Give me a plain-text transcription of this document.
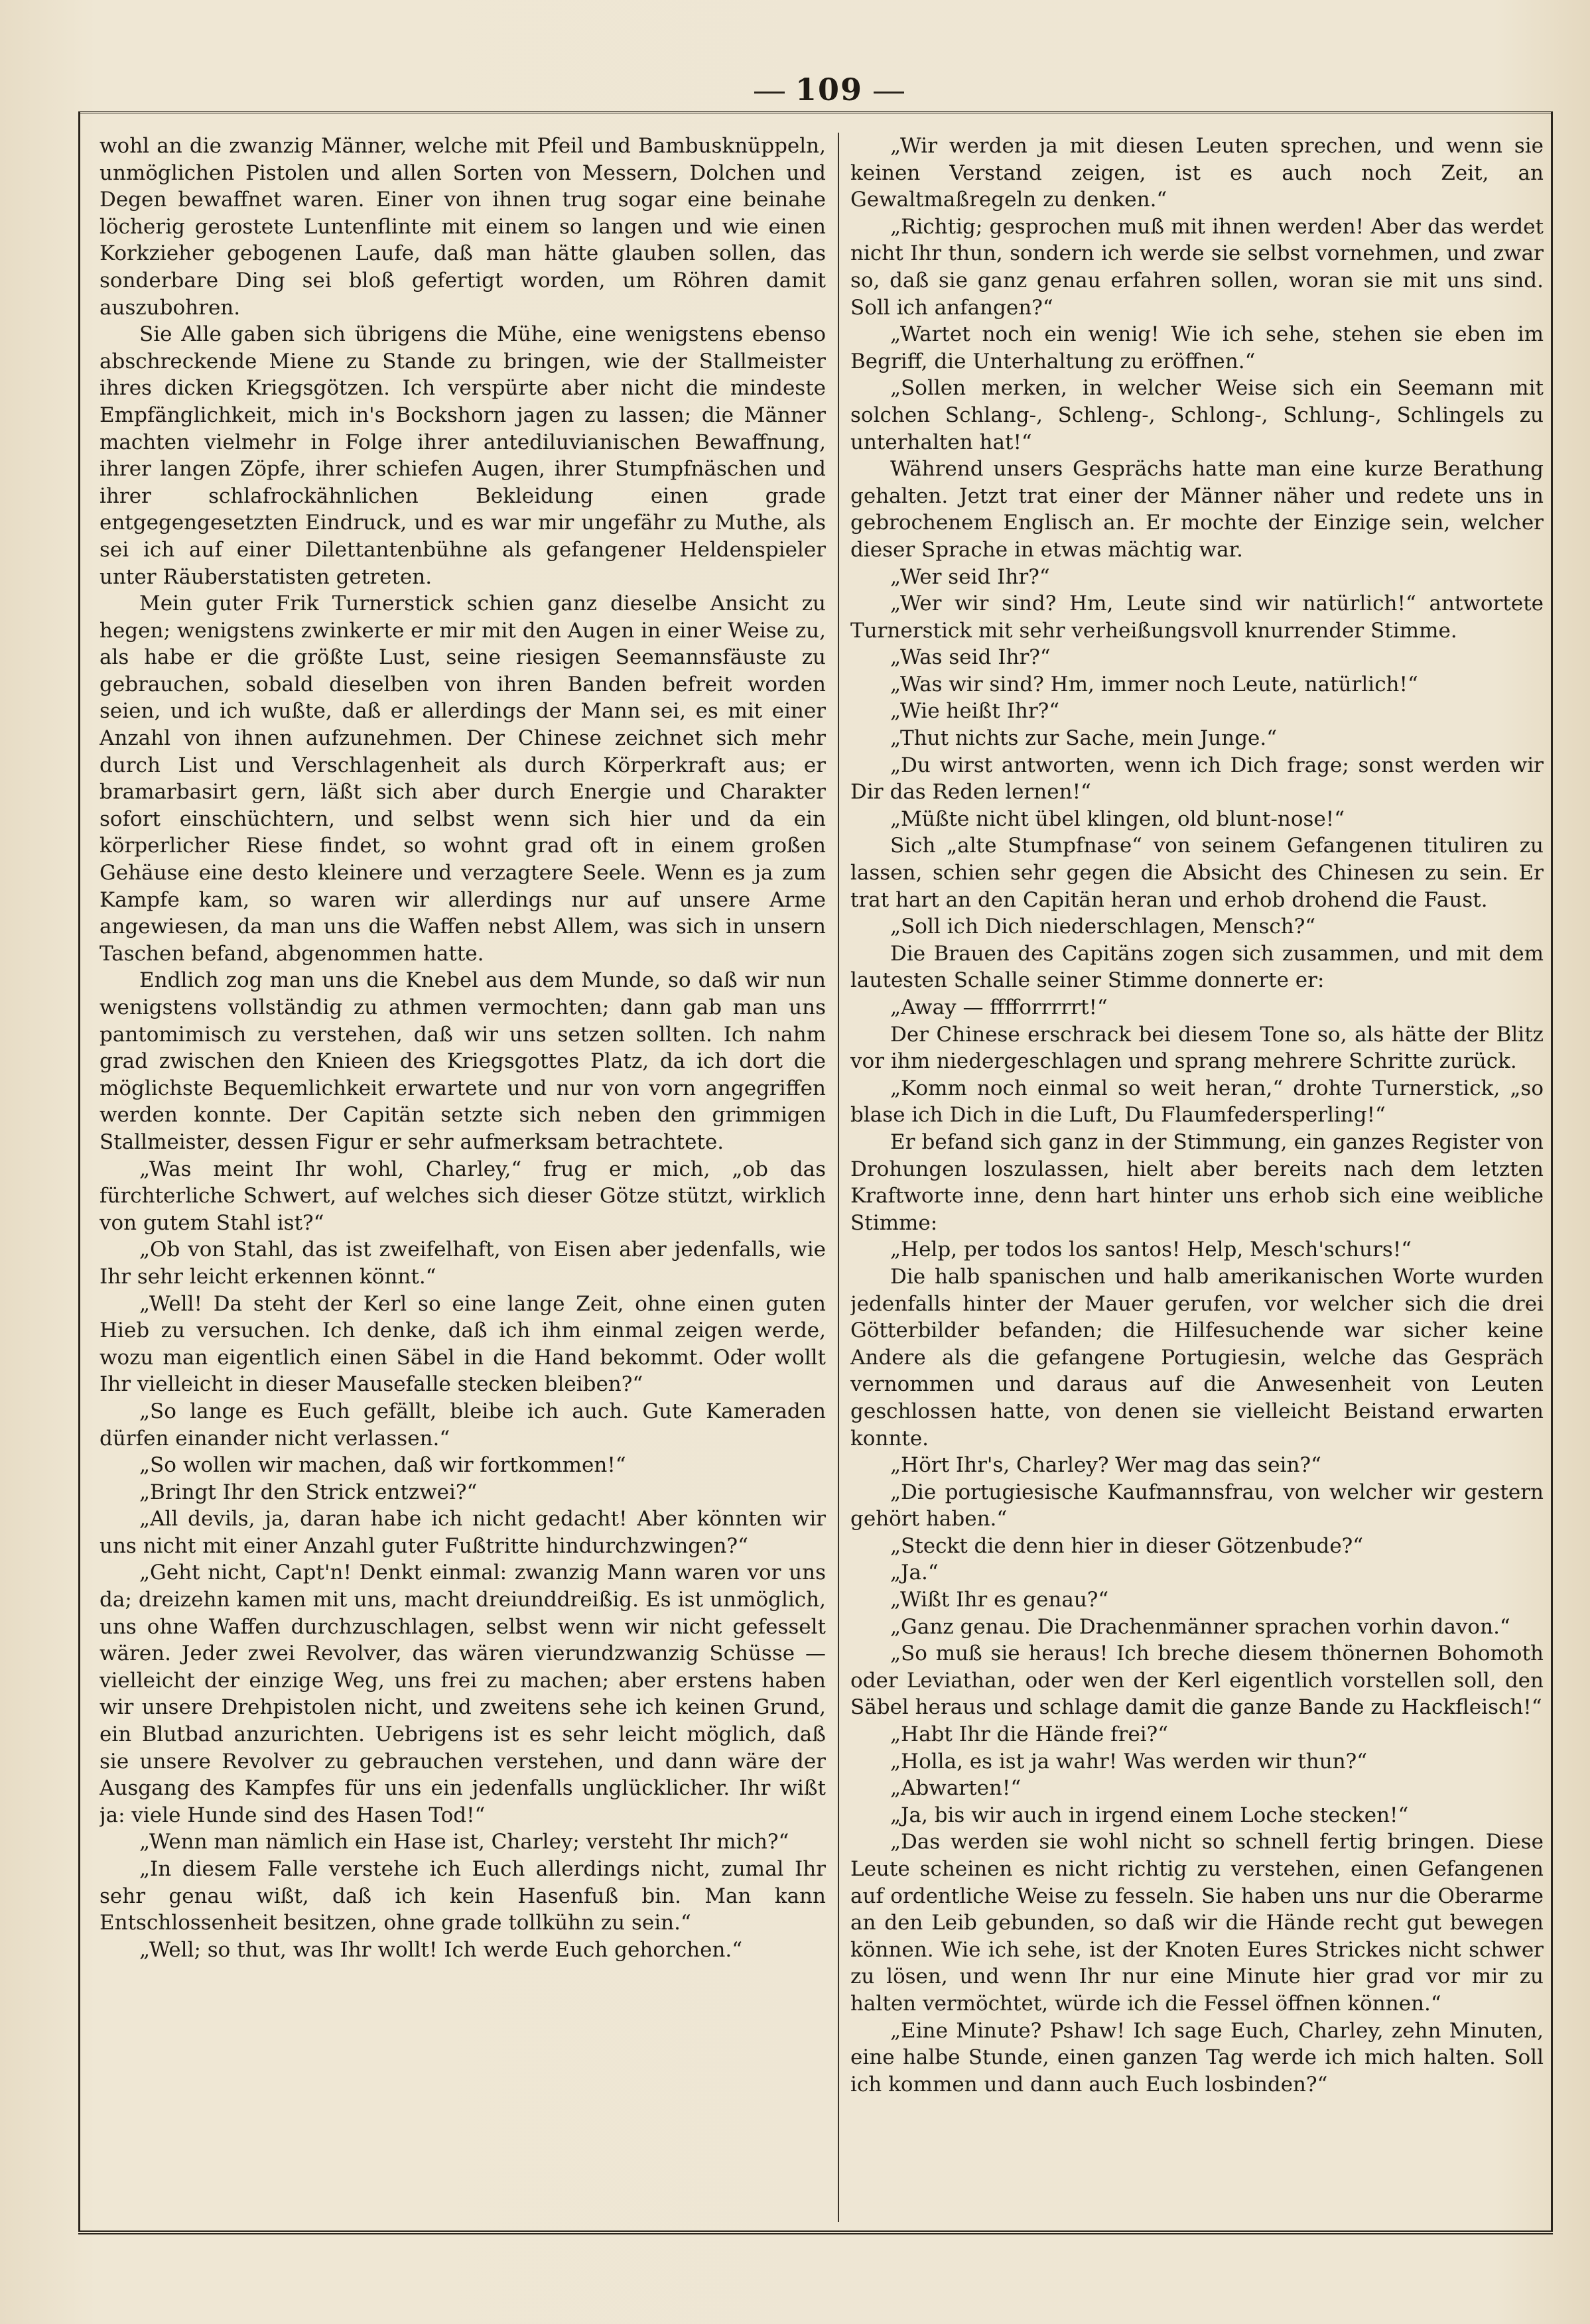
109

wohl an die zwanzig Männer, welche mit Pfeil und Bambusknüppeln, unmöglichen Pistolen und allen Sorten von Messern, Dolchen und Degen bewaffnet waren. Einer von ihnen trug sogar eine beinahe löcherig gerostete Luntenflinte mit einem so langen und wie einen Korkzieher gebogenen Laufe, daß man hätte glauben sollen, das sonderbare Ding sei bloß gefertigt worden, um Röhren damit auszubohren.

Sie Alle gaben sich übrigens die Mühe, eine wenigstens ebenso abschreckende Miene zu Stande zu bringen, wie der Stallmeister ihres dicken Kriegsgötzen. Ich verspürte aber nicht die mindeste Empfänglichkeit, mich in's Bockshorn jagen zu lassen; die Männer machten vielmehr in Folge ihrer antediluvianischen Bewaffnung, ihrer langen Zöpfe, ihrer schiefen Augen, ihrer Stumpfnäschen und ihrer schlafrockähnlichen Bekleidung einen grade entgegengesetzten Eindruck, und es war mir ungefähr zu Muthe, als sei ich auf einer Dilettantenbühne als gefangener Heldenspieler unter Räuberstatisten getreten.

Mein guter Frik Turnerstick schien ganz dieselbe Ansicht zu hegen; wenigstens zwinkerte er mir mit den Augen in einer Weise zu, als habe er die größte Lust, seine riesigen Seemannsfäuste zu gebrauchen, sobald dieselben von ihren Banden befreit worden seien, und ich wußte, daß er allerdings der Mann sei, es mit einer Anzahl von ihnen aufzunehmen. Der Chinese zeichnet sich mehr durch List und Verschlagenheit als durch Körperkraft aus; er bramarbasirt gern, läßt sich aber durch Energie und Charakter sofort einschüchtern, und selbst wenn sich hier und da ein körperlicher Riese findet, so wohnt grad oft in einem großen Gehäuse eine desto kleinere und verzagtere Seele. Wenn es ja zum Kampfe kam, so waren wir allerdings nur auf unsere Arme angewiesen, da man uns die Waffen nebst Allem, was sich in unsern Taschen befand, abgenommen hatte.

Endlich zog man uns die Knebel aus dem Munde, so daß wir nun wenigstens vollständig zu athmen vermochten; dann gab man uns pantomimisch zu verstehen, daß wir uns setzen sollten. Ich nahm grad zwischen den Knieen des Kriegsgottes Platz, da ich dort die möglichste Bequemlichkeit erwartete und nur von vorn angegriffen werden konnte. Der Capitän setzte sich neben den grimmigen Stallmeister, dessen Figur er sehr aufmerksam betrachtete.

„Was meint Ihr wohl, Charley,“ frug er mich, „ob das fürchterliche Schwert, auf welches sich dieser Götze stützt, wirklich von gutem Stahl ist?“

„Ob von Stahl, das ist zweifelhaft, von Eisen aber jedenfalls, wie Ihr sehr leicht erkennen könnt.“

„Well! Da steht der Kerl so eine lange Zeit, ohne einen guten Hieb zu versuchen. Ich denke, daß ich ihm einmal zeigen werde, wozu man eigentlich einen Säbel in die Hand bekommt. Oder wollt Ihr vielleicht in dieser Mausefalle stecken bleiben?“

„So lange es Euch gefällt, bleibe ich auch. Gute Kameraden dürfen einander nicht verlassen.“

„So wollen wir machen, daß wir fortkommen!“

„Bringt Ihr den Strick entzwei?“

„All devils, ja, daran habe ich nicht gedacht! Aber könnten wir uns nicht mit einer Anzahl guter Fußtritte hindurchzwingen?“

„Geht nicht, Capt'n! Denkt einmal: zwanzig Mann waren vor uns da; dreizehn kamen mit uns, macht dreiunddreißig. Es ist unmöglich, uns ohne Waffen durchzuschlagen, selbst wenn wir nicht gefesselt wären. Jeder zwei Revolver, das wären vierundzwanzig Schüsse — vielleicht der einzige Weg, uns frei zu machen; aber erstens haben wir unsere Drehpistolen nicht, und zweitens sehe ich keinen Grund, ein Blutbad anzurichten. Uebrigens ist es sehr leicht möglich, daß sie unsere Revolver zu gebrauchen verstehen, und dann wäre der Ausgang des Kampfes für uns ein jedenfalls unglücklicher. Ihr wißt ja: viele Hunde sind des Hasen Tod!“

„Wenn man nämlich ein Hase ist, Charley; versteht Ihr mich?“

„In diesem Falle verstehe ich Euch allerdings nicht, zumal Ihr sehr genau wißt, daß ich kein Hasenfuß bin. Man kann Entschlossenheit besitzen, ohne grade tollkühn zu sein.“

„Well; so thut, was Ihr wollt! Ich werde Euch gehorchen.“

„Wir werden ja mit diesen Leuten sprechen, und wenn sie keinen Verstand zeigen, ist es auch noch Zeit, an Gewaltmaßregeln zu denken.“

„Richtig; gesprochen muß mit ihnen werden! Aber das werdet nicht Ihr thun, sondern ich werde sie selbst vornehmen, und zwar so, daß sie ganz genau erfahren sollen, woran sie mit uns sind. Soll ich anfangen?“

„Wartet noch ein wenig! Wie ich sehe, stehen sie eben im Begriff, die Unterhaltung zu eröffnen.“

„Sollen merken, in welcher Weise sich ein Seemann mit solchen Schlang-, Schleng-, Schlong-, Schlung-, Schlingels zu unterhalten hat!“

Während unsers Gesprächs hatte man eine kurze Berathung gehalten. Jetzt trat einer der Männer näher und redete uns in gebrochenem Englisch an. Er mochte der Einzige sein, welcher dieser Sprache in etwas mächtig war.

„Wer seid Ihr?“

„Wer wir sind? Hm, Leute sind wir natürlich!“ antwortete Turnerstick mit sehr verheißungsvoll knurrender Stimme.

„Was seid Ihr?“

„Was wir sind? Hm, immer noch Leute, natürlich!“

„Wie heißt Ihr?“

„Thut nichts zur Sache, mein Junge.“

„Du wirst antworten, wenn ich Dich frage; sonst werden wir Dir das Reden lernen!“

„Müßte nicht übel klingen, old blunt-nose!“

Sich „alte Stumpfnase“ von seinem Gefangenen tituliren zu lassen, schien sehr gegen die Absicht des Chinesen zu sein. Er trat hart an den Capitän heran und erhob drohend die Faust.

„Soll ich Dich niederschlagen, Mensch?“

Die Brauen des Capitäns zogen sich zusammen, und mit dem lautesten Schalle seiner Stimme donnerte er:

„Away — fffforrrrrt!“

Der Chinese erschrack bei diesem Tone so, als hätte der Blitz vor ihm niedergeschlagen und sprang mehrere Schritte zurück.

„Komm noch einmal so weit heran,“ drohte Turnerstick, „so blase ich Dich in die Luft, Du Flaumfedersperling!“

Er befand sich ganz in der Stimmung, ein ganzes Register von Drohungen loszulassen, hielt aber bereits nach dem letzten Kraftworte inne, denn hart hinter uns erhob sich eine weibliche Stimme:

„Help, per todos los santos! Help, Mesch'schurs!“

Die halb spanischen und halb amerikanischen Worte wurden jedenfalls hinter der Mauer gerufen, vor welcher sich die drei Götterbilder befanden; die Hilfesuchende war sicher keine Andere als die gefangene Portugiesin, welche das Gespräch vernommen und daraus auf die Anwesenheit von Leuten geschlossen hatte, von denen sie vielleicht Beistand erwarten konnte.

„Hört Ihr's, Charley? Wer mag das sein?“

„Die portugiesische Kaufmannsfrau, von welcher wir gestern gehört haben.“

„Steckt die denn hier in dieser Götzenbude?“

„Ja.“

„Wißt Ihr es genau?“

„Ganz genau. Die Drachenmänner sprachen vorhin davon.“

„So muß sie heraus! Ich breche diesem thönernen Bohomoth oder Leviathan, oder wen der Kerl eigentlich vorstellen soll, den Säbel heraus und schlage damit die ganze Bande zu Hackfleisch!“

„Habt Ihr die Hände frei?“

„Holla, es ist ja wahr! Was werden wir thun?“

„Abwarten!“

„Ja, bis wir auch in irgend einem Loche stecken!“

„Das werden sie wohl nicht so schnell fertig bringen. Diese Leute scheinen es nicht richtig zu verstehen, einen Gefangenen auf ordentliche Weise zu fesseln. Sie haben uns nur die Oberarme an den Leib gebunden, so daß wir die Hände recht gut bewegen können. Wie ich sehe, ist der Knoten Eures Strickes nicht schwer zu lösen, und wenn Ihr nur eine Minute hier grad vor mir zu halten vermöchtet, würde ich die Fessel öffnen können.“

„Eine Minute? Pshaw! Ich sage Euch, Charley, zehn Minuten, eine halbe Stunde, einen ganzen Tag werde ich mich halten. Soll ich kommen und dann auch Euch losbinden?“
